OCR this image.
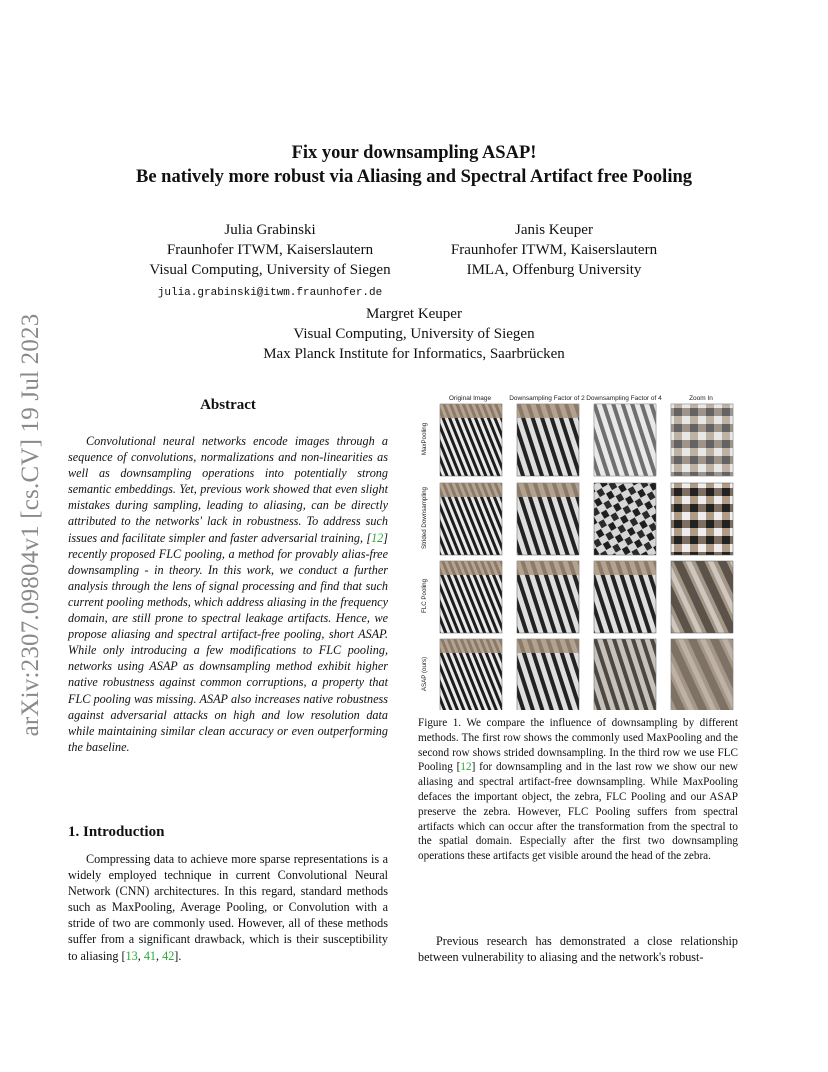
arXiv:2307.09804v1 [cs.CV] 19 Jul 2023
Fix your downsampling ASAP!
Be natively more robust via Aliasing and Spectral Artifact free Pooling
Julia Grabinski
Fraunhofer ITWM, Kaiserslautern
Visual Computing, University of Siegen
julia.grabinski@itwm.fraunhofer.de
Janis Keuper
Fraunhofer ITWM, Kaiserslautern
IMLA, Offenburg University
Margret Keuper
Visual Computing, University of Siegen
Max Planck Institute for Informatics, Saarbrücken
Abstract

Convolutional neural networks encode images through a sequence of convolutions, normalizations and non-linearities as well as downsampling operations into potentially strong semantic embeddings. Yet, previous work showed that even slight mistakes during sampling, leading to aliasing, can be directly attributed to the networks' lack in robustness. To address such issues and facilitate simpler and faster adversarial training, [12] recently proposed FLC pooling, a method for provably alias-free downsampling - in theory. In this work, we conduct a further analysis through the lens of signal processing and find that such current pooling methods, which address aliasing in the frequency domain, are still prone to spectral leakage artifacts. Hence, we propose aliasing and spectral artifact-free pooling, short ASAP. While only introducing a few modifications to FLC pooling, networks using ASAP as downsampling method exhibit higher native robustness against common corruptions, a property that FLC pooling was missing. ASAP also increases native robustness against adversarial attacks on high and low resolution data while maintaining similar clean accuracy or even outperforming the baseline.

1. Introduction

Compressing data to achieve more sparse representations is a widely employed technique in current Convolutional Neural Network (CNN) architectures. In this regard, standard methods such as MaxPooling, Average Pooling, or Convolution with a stride of two are commonly used. However, all of these methods suffer from a significant drawback, which is their susceptibility to aliasing [13, 41, 42].

Original Image	Downsampling Factor of 2 Downsampling Factor of 4	Zoom In
MaxPooling
Strided Downsampling
FLC Pooling
ASAP (ours)

Figure 1. We compare the influence of downsampling by different methods. The first row shows the commonly used MaxPooling and the second row shows strided downsampling. In the third row we use FLC Pooling [12] for downsampling and in the last row we show our new aliasing and spectral artifact-free downsampling. While MaxPooling defaces the important object, the zebra, FLC Pooling and our ASAP preserve the zebra. However, FLC Pooling suffers from spectral artifacts which can occur after the transformation from the spectral to the spatial domain. Especially after the first two downsampling operations these artifacts get visible around the head of the zebra.

Previous research has demonstrated a close relationship between vulnerability to aliasing and the network's robust-
